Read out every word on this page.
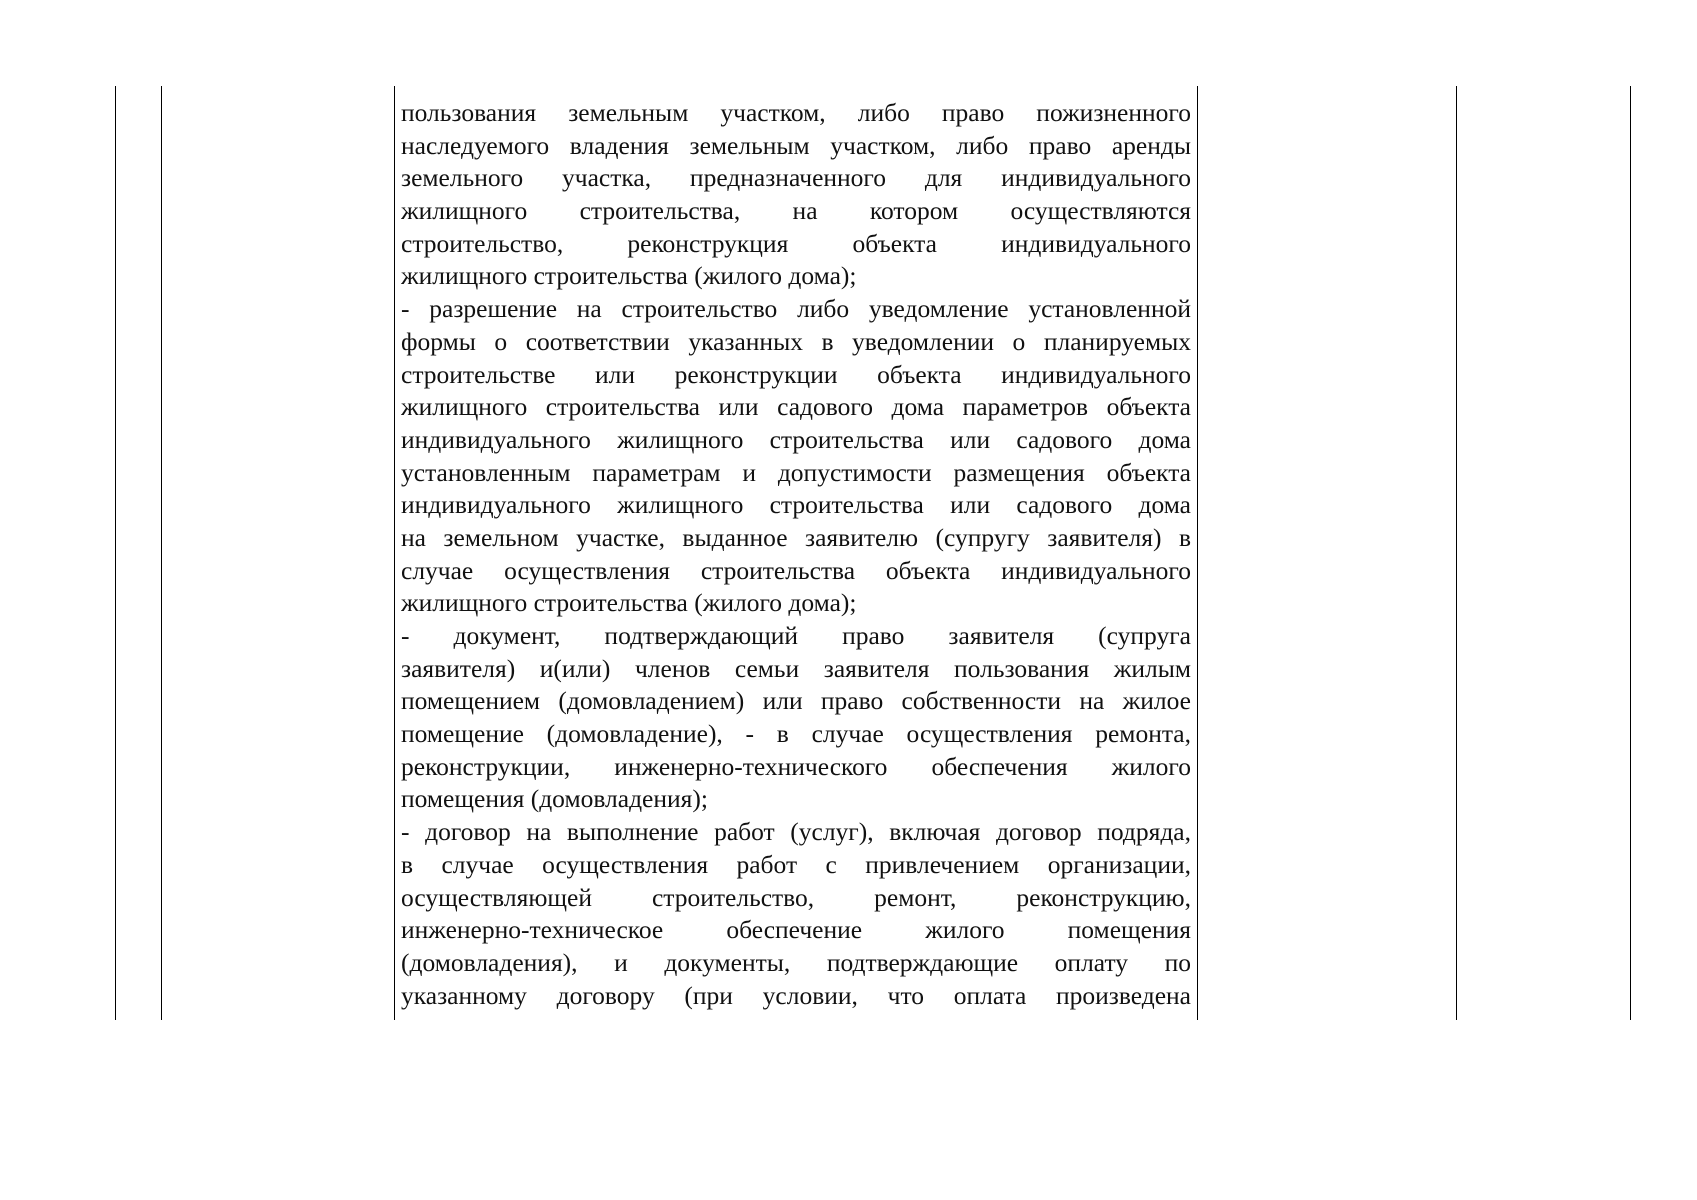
пользования земельным участком, либо право пожизненного
наследуемого владения земельным участком, либо право аренды
земельного участка, предназначенного для индивидуального
жилищного строительства, на котором осуществляются
строительство, реконструкция объекта индивидуального
жилищного строительства (жилого дома);
- разрешение на строительство либо уведомление установленной
формы о соответствии указанных в уведомлении о планируемых
строительстве или реконструкции объекта индивидуального
жилищного строительства или садового дома параметров объекта
индивидуального жилищного строительства или садового дома
установленным параметрам и допустимости размещения объекта
индивидуального жилищного строительства или садового дома
на земельном участке, выданное заявителю (супругу заявителя) в
случае осуществления строительства объекта индивидуального
жилищного строительства (жилого дома);
- документ, подтверждающий право заявителя (супруга
заявителя) и(или) членов семьи заявителя пользования жилым
помещением (домовладением) или право собственности на жилое
помещение (домовладение), - в случае осуществления ремонта,
реконструкции, инженерно-технического обеспечения жилого
помещения (домовладения);
- договор на выполнение работ (услуг), включая договор подряда,
в случае осуществления работ с привлечением организации,
осуществляющей строительство, ремонт, реконструкцию,
инженерно-техническое обеспечение жилого помещения
(домовладения), и документы, подтверждающие оплату по
указанному договору (при условии, что оплата произведена
